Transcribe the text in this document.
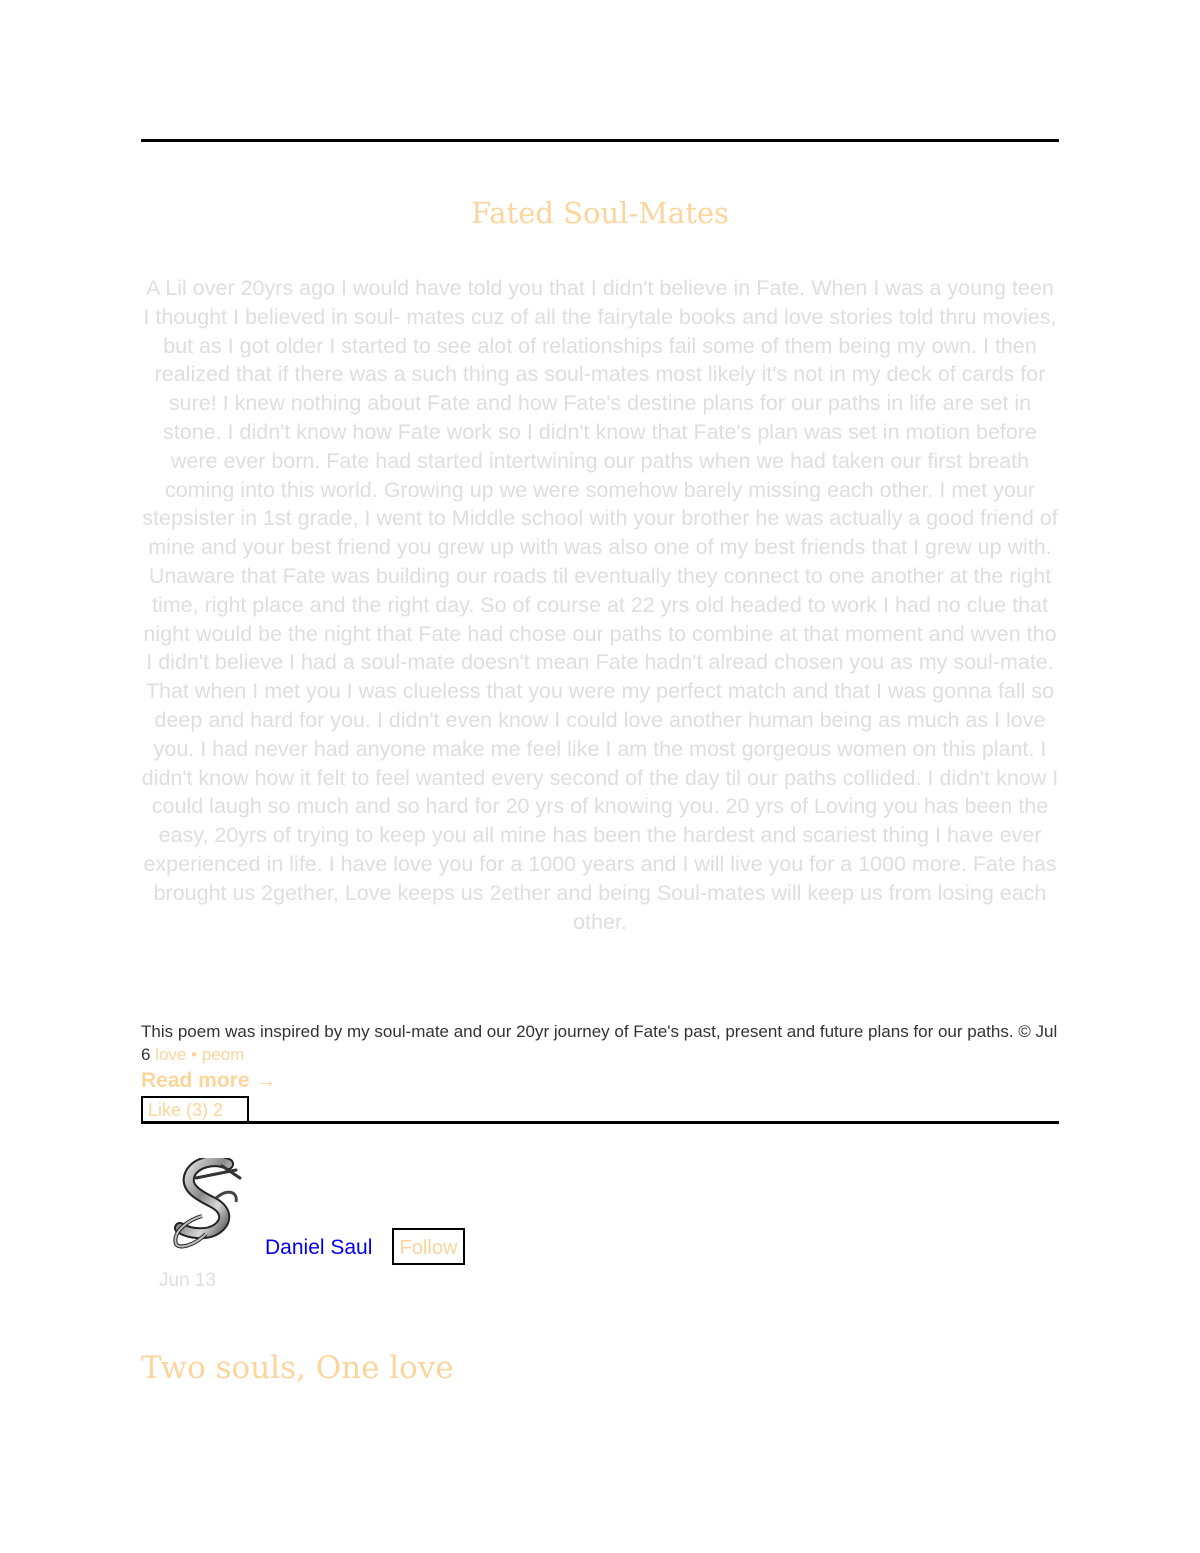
Fated Soul-Mates

A Lil over 20yrs ago I would have told you that I didn't believe in Fate. When I was a young teen I thought I believed in soul- mates cuz of all the fairytale books and love stories told thru movies, but as I got older I started to see alot of relationships fail some of them being my own. I then realized that if there was a such thing as soul-mates most likely it's not in my deck of cards for sure! I knew nothing about Fate and how Fate's destine plans for our paths in life are set in stone. I didn't know how Fate work so I didn't know that Fate's plan was set in motion before were ever born. Fate had started intertwining our paths when we had taken our first breath coming into this world. Growing up we were somehow barely missing each other. I met your stepsister in 1st grade, I went to Middle school with your brother he was actually a good friend of mine and your best friend you grew up with was also one of my best friends that I grew up with. Unaware that Fate was building our roads til eventually they connect to one another at the right time, right place and the right day. So of course at 22 yrs old headed to work I had no clue that night would be the night that Fate had chose our paths to combine at that moment and wven tho I didn't believe I had a soul-mate doesn't mean Fate hadn't alread chosen you as my soul-mate. That when I met you I was clueless that you were my perfect match and that I was gonna fall so deep and hard for you. I didn't even know I could love another human being as much as I love you. I had never had anyone make me feel like I am the most gorgeous women on this plant. I didn't know how it felt to feel wanted every second of the day til our paths collided. I didn't know I could laugh so much and so hard for 20 yrs of knowing you. 20 yrs of Loving you has been the easy, 20yrs of trying to keep you all mine has been the hardest and scariest thing I have ever experienced in life. I have love you for a 1000 years and I will live you for a 1000 more. Fate has brought us 2gether, Love keeps us 2ether and being Soul-mates will keep us from losing each other.

This poem was inspired by my soul-mate and our 20yr journey of Fate's past, present and future plans for our paths. © Jul 6 love • peom

Read more →
Like (3) 2
Daniel Saul	Follow
Jun 13
Two souls, One love
